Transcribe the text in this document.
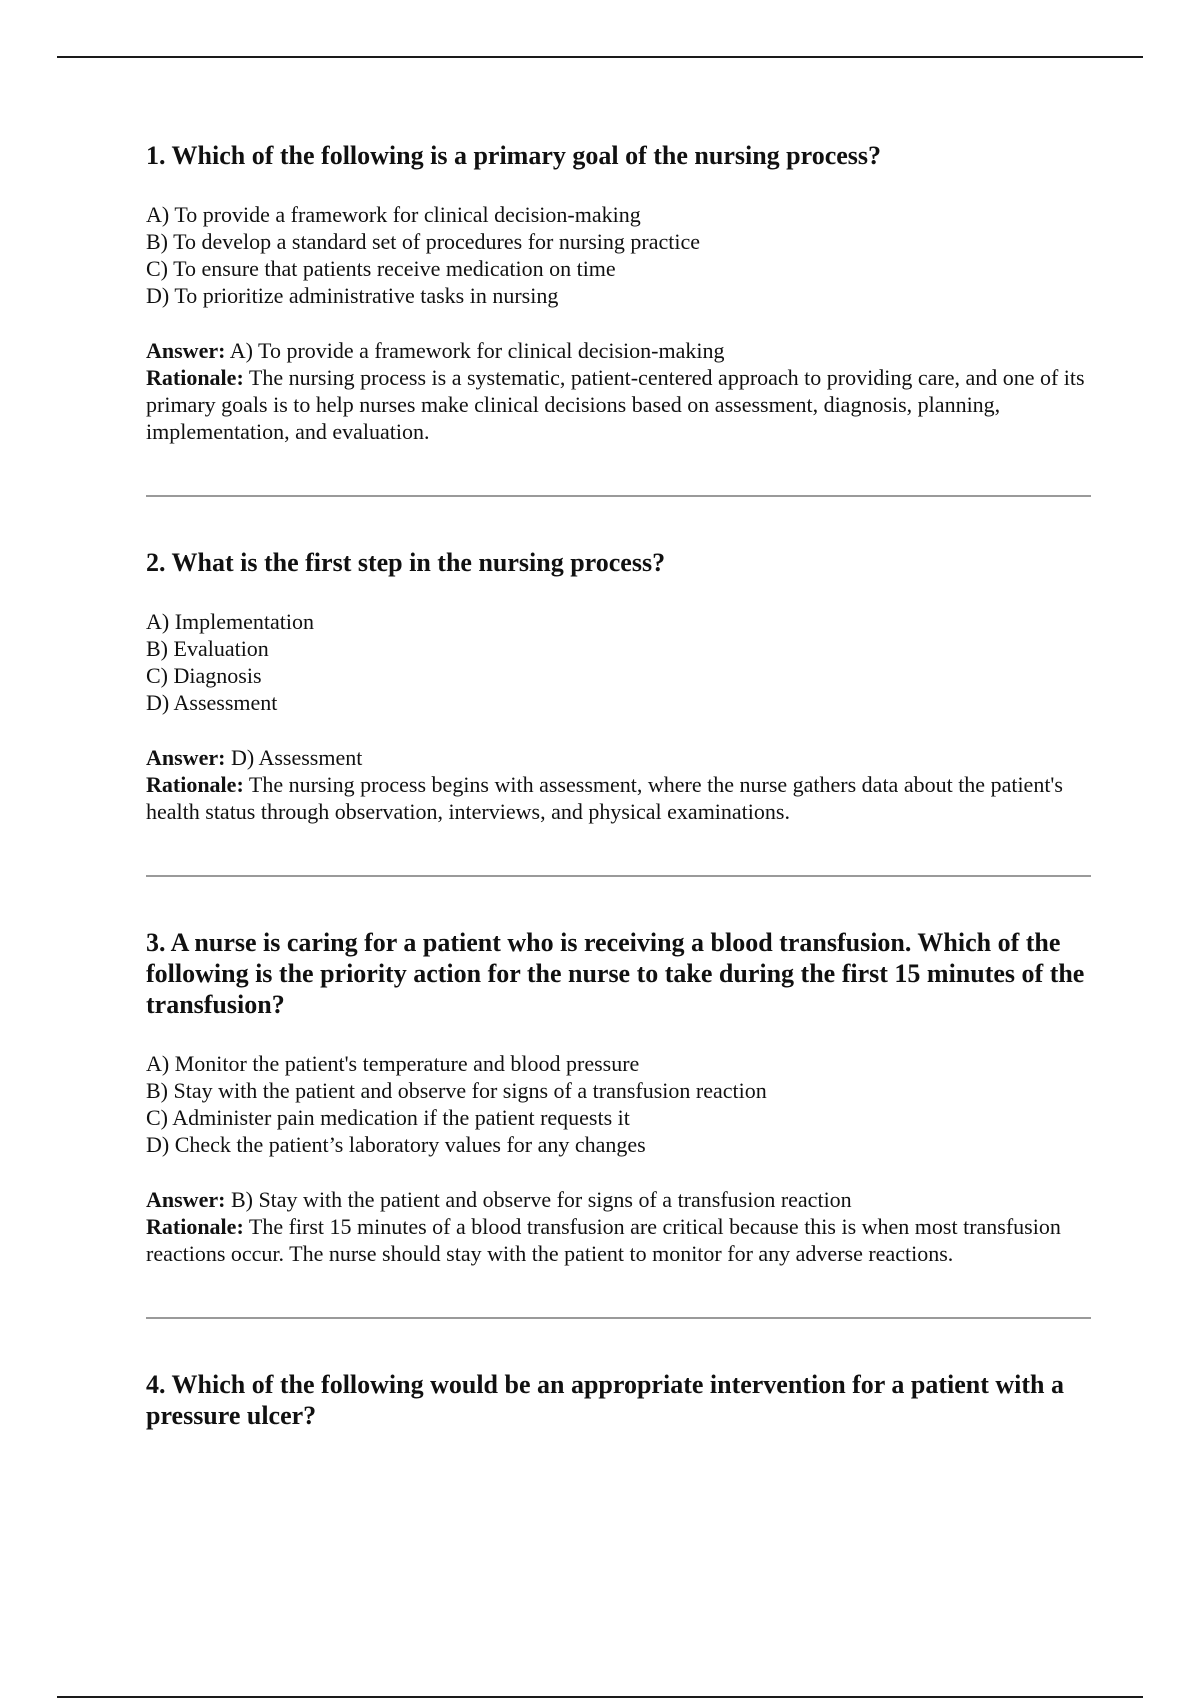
1. Which of the following is a primary goal of the nursing process?
A) To provide a framework for clinical decision-making
B) To develop a standard set of procedures for nursing practice
C) To ensure that patients receive medication on time
D) To prioritize administrative tasks in nursing

Answer: A) To provide a framework for clinical decision-making

Rationale: The nursing process is a systematic, patient-centered approach to providing care, and one of its primary goals is to help nurses make clinical decisions based on assessment, diagnosis, planning, implementation, and evaluation.

2. What is the first step in the nursing process?
A) Implementation
B) Evaluation
C) Diagnosis
D) Assessment

Answer: D) Assessment

Rationale: The nursing process begins with assessment, where the nurse gathers data about the patient's health status through observation, interviews, and physical examinations.

3. A nurse is caring for a patient who is receiving a blood transfusion. Which of the following is the priority action for the nurse to take during the first 15 minutes of the transfusion?
A) Monitor the patient's temperature and blood pressure
B) Stay with the patient and observe for signs of a transfusion reaction
C) Administer pain medication if the patient requests it
D) Check the patient’s laboratory values for any changes

Answer: B) Stay with the patient and observe for signs of a transfusion reaction

Rationale: The first 15 minutes of a blood transfusion are critical because this is when most transfusion reactions occur. The nurse should stay with the patient to monitor for any adverse reactions.

4. Which of the following would be an appropriate intervention for a patient with a pressure ulcer?
